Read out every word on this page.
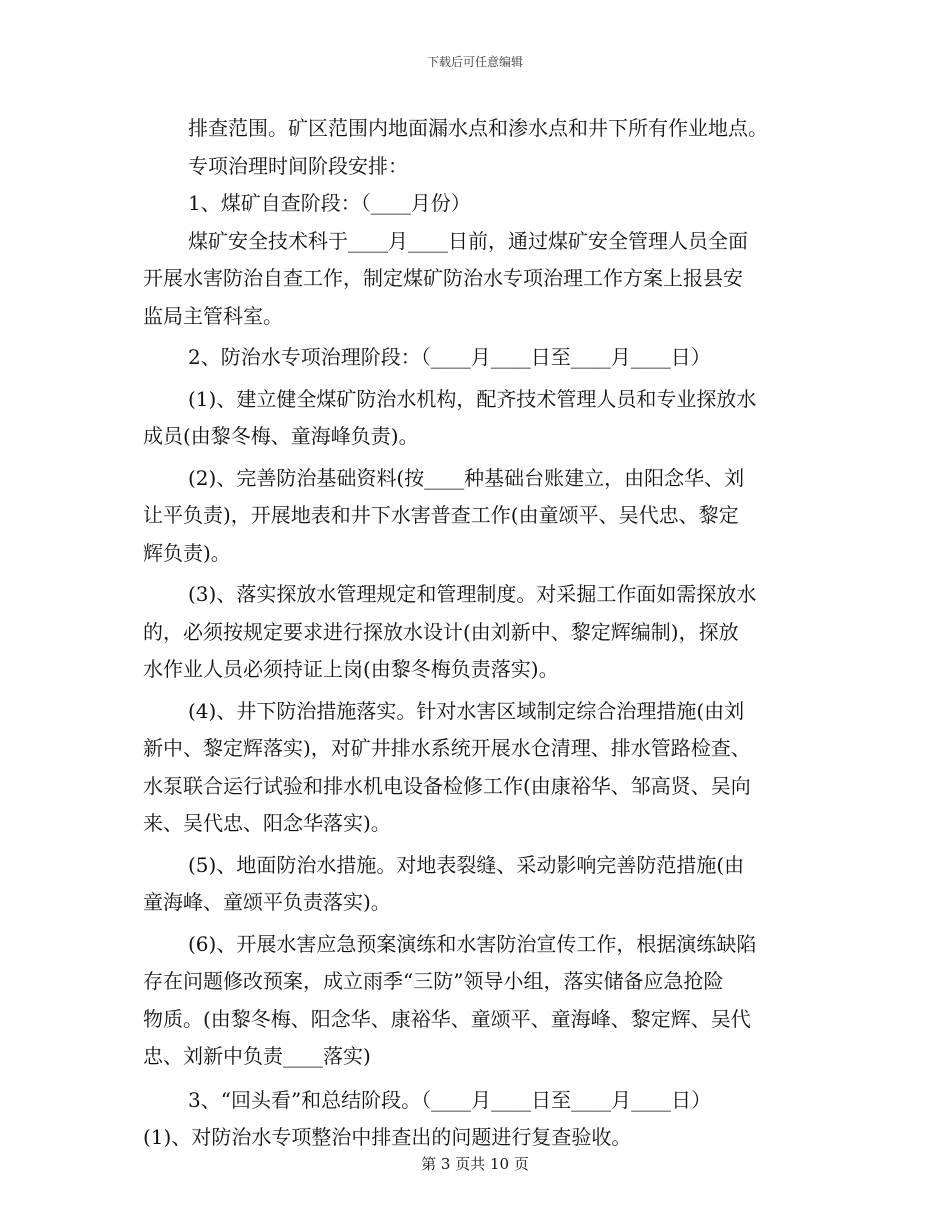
下载后可任意编辑
排查范围。矿区范围内地面漏水点和渗水点和井下所有作业地点。
专项治理时间阶段安排：
1、煤矿自查阶段：（____月份）
煤矿安全技术科于____月____日前，通过煤矿安全管理人员全面
开展水害防治自查工作，制定煤矿防治水专项治理工作方案上报县安
监局主管科室。
2、防治水专项治理阶段：（____月____日至____月____日）
(1)、建立健全煤矿防治水机构，配齐技术管理人员和专业探放水
成员(由黎冬梅、童海峰负责)。
(2)、完善防治基础资料(按____种基础台账建立，由阳念华、刘
让平负责)，开展地表和井下水害普查工作(由童颂平、吴代忠、黎定
辉负责)。
(3)、落实探放水管理规定和管理制度。对采掘工作面如需探放水
的，必须按规定要求进行探放水设计(由刘新中、黎定辉编制)，探放
水作业人员必须持证上岗(由黎冬梅负责落实)。
(4)、井下防治措施落实。针对水害区域制定综合治理措施(由刘
新中、黎定辉落实)，对矿井排水系统开展水仓清理、排水管路检查、
水泵联合运行试验和排水机电设备检修工作(由康裕华、邹高贤、吴向
来、吴代忠、阳念华落实)。
(5)、地面防治水措施。对地表裂缝、采动影响完善防范措施(由
童海峰、童颂平负责落实)。
(6)、开展水害应急预案演练和水害防治宣传工作，根据演练缺陷
存在问题修改预案，成立雨季“三防”领导小组，落实储备应急抢险
物质。(由黎冬梅、阳念华、康裕华、童颂平、童海峰、黎定辉、吴代
忠、刘新中负责____落实)
3、“回头看”和总结阶段。（____月____日至____月____日）
(1)、对防治水专项整治中排查出的问题进行复查验收。
第 3 页共 10 页
